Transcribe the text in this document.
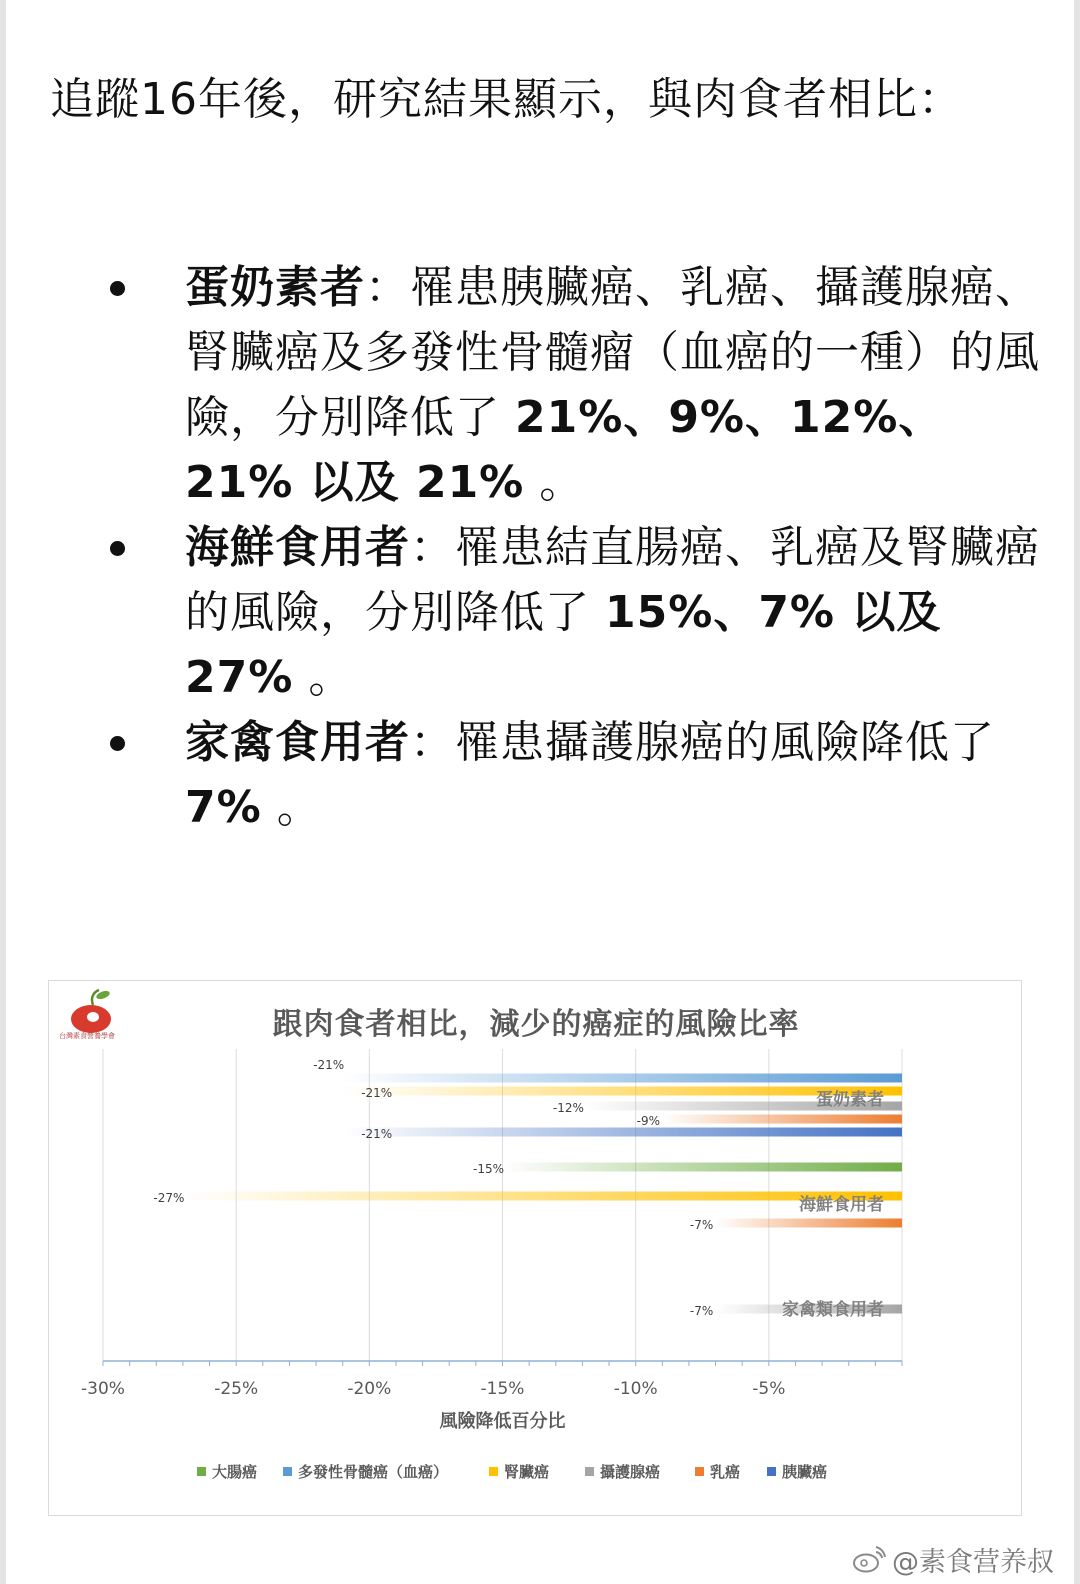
追蹤16年後，研究結果顯示，與肉食者相比：

蛋奶素者：罹患胰臟癌、乳癌、攝護腺癌、腎臟癌及多發性骨髓瘤（血癌的一種）的風險，分別降低了 21%、9%、12%、21% 以及 21% 。
海鮮食用者：罹患結直腸癌、乳癌及腎臟癌的風險，分別降低了 15%、7% 以及 27% 。
家禽食用者：罹患攝護腺癌的風險降低了 7% 。
台灣素食營養學會	跟肉食者相比，減少的癌症的風險比率
-30%	-25%	-20%	-15%	-10%	-5%
風險降低百分比
-21%
-21%
-12%
-9%
-21%
-15%
-27%
-7%
-7%
蛋奶素者
海鮮食用者
家禽類食用者
大腸癌	多發性骨髓癌（血癌）	腎臟癌	攝護腺癌	乳癌	胰臟癌
@素食营养叔
